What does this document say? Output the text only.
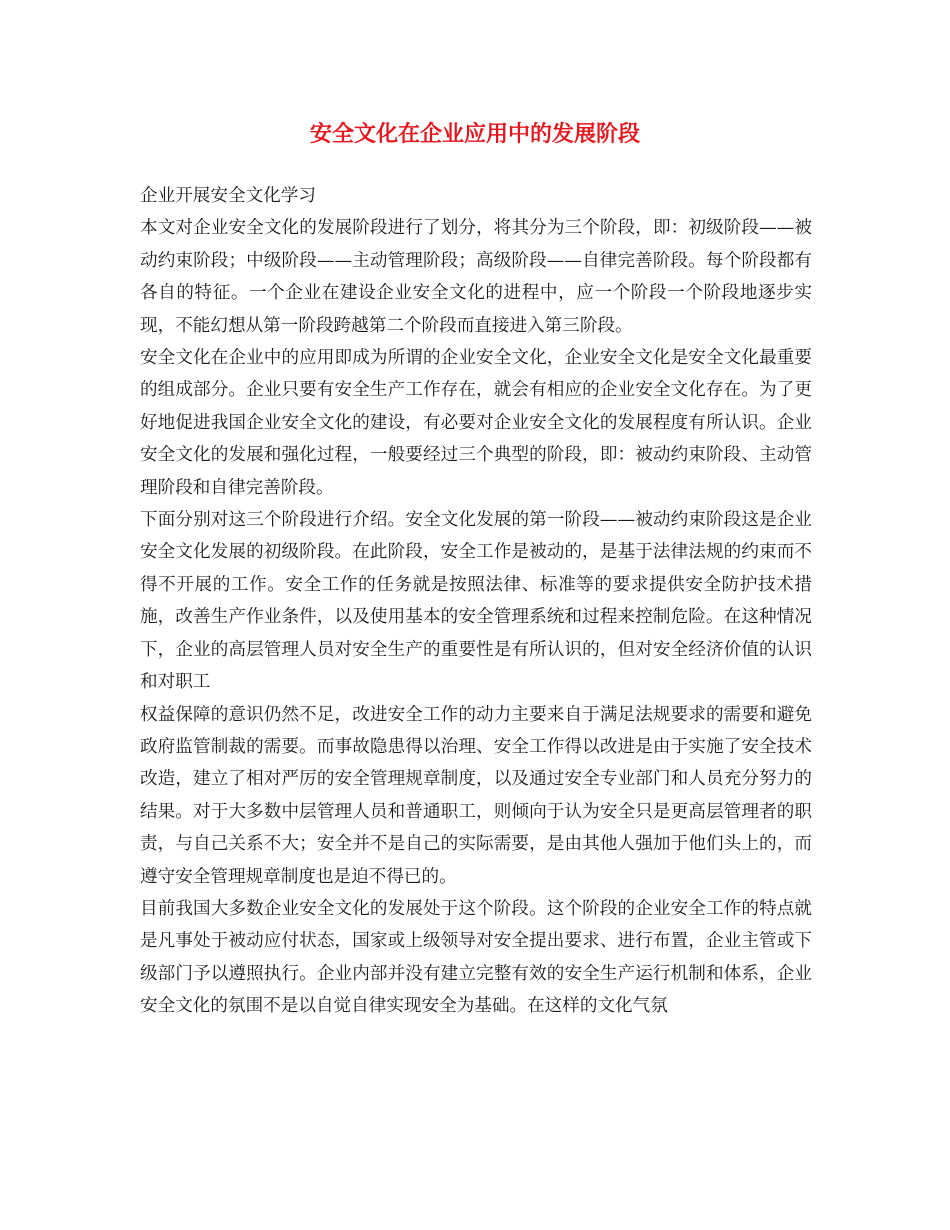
安全文化在企业应用中的发展阶段

企业开展安全文化学习

本文对企业安全文化的发展阶段进行了划分，将其分为三个阶段，即：初级阶段——被动约束阶段；中级阶段——主动管理阶段；高级阶段——自律完善阶段。每个阶段都有各自的特征。一个企业在建设企业安全文化的进程中，应一个阶段一个阶段地逐步实现，不能幻想从第一阶段跨越第二个阶段而直接进入第三阶段。

安全文化在企业中的应用即成为所谓的企业安全文化，企业安全文化是安全文化最重要的组成部分。企业只要有安全生产工作存在，就会有相应的企业安全文化存在。为了更好地促进我国企业安全文化的建设，有必要对企业安全文化的发展程度有所认识。企业安全文化的发展和强化过程，一般要经过三个典型的阶段，即：被动约束阶段、主动管理阶段和自律完善阶段。

下面分别对这三个阶段进行介绍。安全文化发展的第一阶段——被动约束阶段这是企业安全文化发展的初级阶段。在此阶段，安全工作是被动的，是基于法律法规的约束而不得不开展的工作。安全工作的任务就是按照法律、标准等的要求提供安全防护技术措施，改善生产作业条件，以及使用基本的安全管理系统和过程来控制危险。在这种情况下，企业的高层管理人员对安全生产的重要性是有所认识的，但对安全经济价值的认识和对职工

权益保障的意识仍然不足，改进安全工作的动力主要来自于满足法规要求的需要和避免政府监管制裁的需要。而事故隐患得以治理、安全工作得以改进是由于实施了安全技术改造，建立了相对严厉的安全管理规章制度，以及通过安全专业部门和人员充分努力的结果。对于大多数中层管理人员和普通职工，则倾向于认为安全只是更高层管理者的职责，与自己关系不大；安全并不是自己的实际需要，是由其他人强加于他们头上的，而遵守安全管理规章制度也是迫不得已的。

目前我国大多数企业安全文化的发展处于这个阶段。这个阶段的企业安全工作的特点就是凡事处于被动应付状态，国家或上级领导对安全提出要求、进行布置，企业主管或下级部门予以遵照执行。企业内部并没有建立完整有效的安全生产运行机制和体系，企业安全文化的氛围不是以自觉自律实现安全为基础。在这样的文化气氛
